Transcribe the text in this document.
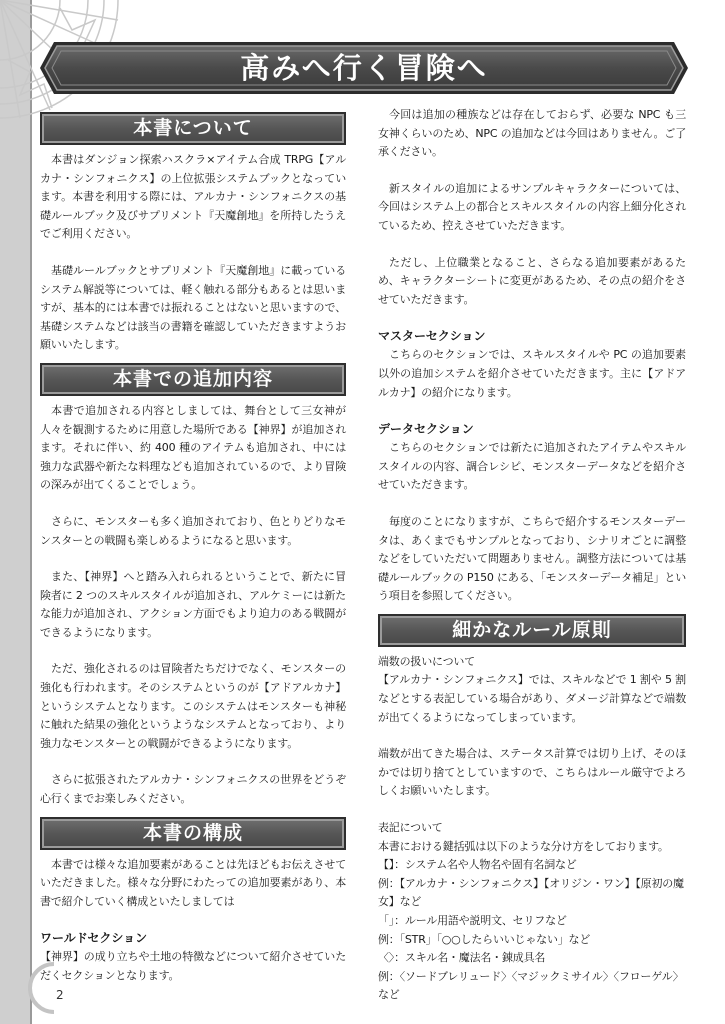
2
高みへ行く冒険へ
本書について

本書はダンジョン探索ハスクラ×アイテム合成 TRPG【アルカナ・シンフォニクス】の上位拡張システムブックとなっています。本書を利用する際には、アルカナ・シンフォニクスの基礎ルールブック及びサプリメント『天魔創地』を所持したうえでご利用ください。

基礎ルールブックとサプリメント『天魔創地』に載っているシステム解説等については、軽く触れる部分もあるとは思いますが、基本的には本書では振れることはないと思いますので、基礎システムなどは該当の書籍を確認していただきますようお願いいたします。

本書での追加内容

本書で追加される内容としましては、舞台として三女神が人々を観測するために用意した場所である【神界】が追加されます。それに伴い、約 400 種のアイテムも追加され、中には強力な武器や新たな料理なども追加されているので、より冒険の深みが出てくることでしょう。

さらに、モンスターも多く追加されており、色とりどりなモンスターとの戦闘も楽しめるようになると思います。

また、【神界】へと踏み入れられるということで、新たに冒険者に 2 つのスキルスタイルが追加され、アルケミーには新たな能力が追加され、アクション方面でもより迫力のある戦闘ができるようになります。

ただ、強化されるのは冒険者たちだけでなく、モンスターの強化も行われます。そのシステムというのが【アドアルカナ】というシステムとなります。このシステムはモンスターも神秘に触れた結果の強化というようなシステムとなっており、より強力なモンスターとの戦闘ができるようになります。

さらに拡張されたアルカナ・シンフォニクスの世界をどうぞ心行くまでお楽しみください。

本書の構成

本書では様々な追加要素があることは先ほどもお伝えさせていただきました。様々な分野にわたっての追加要素があり、本書で紹介していく構成といたしましては

ワールドセクション

【神界】の成り立ちや土地の特徴などについて紹介させていただくセクションとなります。

今回は追加の種族などは存在しておらず、必要な NPC も三女神くらいのため、NPC の追加などは今回はありません。ご了承ください。

新スタイルの追加によるサンプルキャラクターについては、今回はシステム上の都合とスキルスタイルの内容上細分化されているため、控えさせていただきます。

ただし、上位職業となること、さらなる追加要素があるため、キャラクターシートに変更があるため、その点の紹介をさせていただきます。

マスターセクション

こちらのセクションでは、スキルスタイルや PC の追加要素以外の追加システムを紹介させていただきます。主に【アドアルカナ】の紹介になります。

データセクション

こちらのセクションでは新たに追加されたアイテムやスキルスタイルの内容、調合レシピ、モンスターデータなどを紹介させていただきます。

毎度のことになりますが、こちらで紹介するモンスターデータは、あくまでもサンプルとなっており、シナリオごとに調整などをしていただいて問題ありません。調整方法については基礎ルールブックの P150 にある、「モンスターデータ補足」という項目を参照してください。

細かなルール原則

端数の扱いについて

【アルカナ・シンフォニクス】では、スキルなどで 1 割や 5 割などとする表記している場合があり、ダメージ計算などで端数が出てくるようになってしまっています。

端数が出てきた場合は、ステータス計算では切り上げ、そのほかでは切り捨てとしていますので、こちらはルール厳守でよろしくお願いいたします。

表記について

本書における鍵括弧は以下のような分け方をしております。

【】：システム名や人物名や固有名詞など

例：【アルカナ・シンフォニクス】【オリジン・ワン】【原初の魔女】など

「」：ルール用語や説明文、セリフなど

例：「STR」「○○したらいいじゃない」など

〈〉：スキル名・魔法名・錬成具名

例：〈ソードブレリュード〉〈マジックミサイル〉〈フローゲル〉など
